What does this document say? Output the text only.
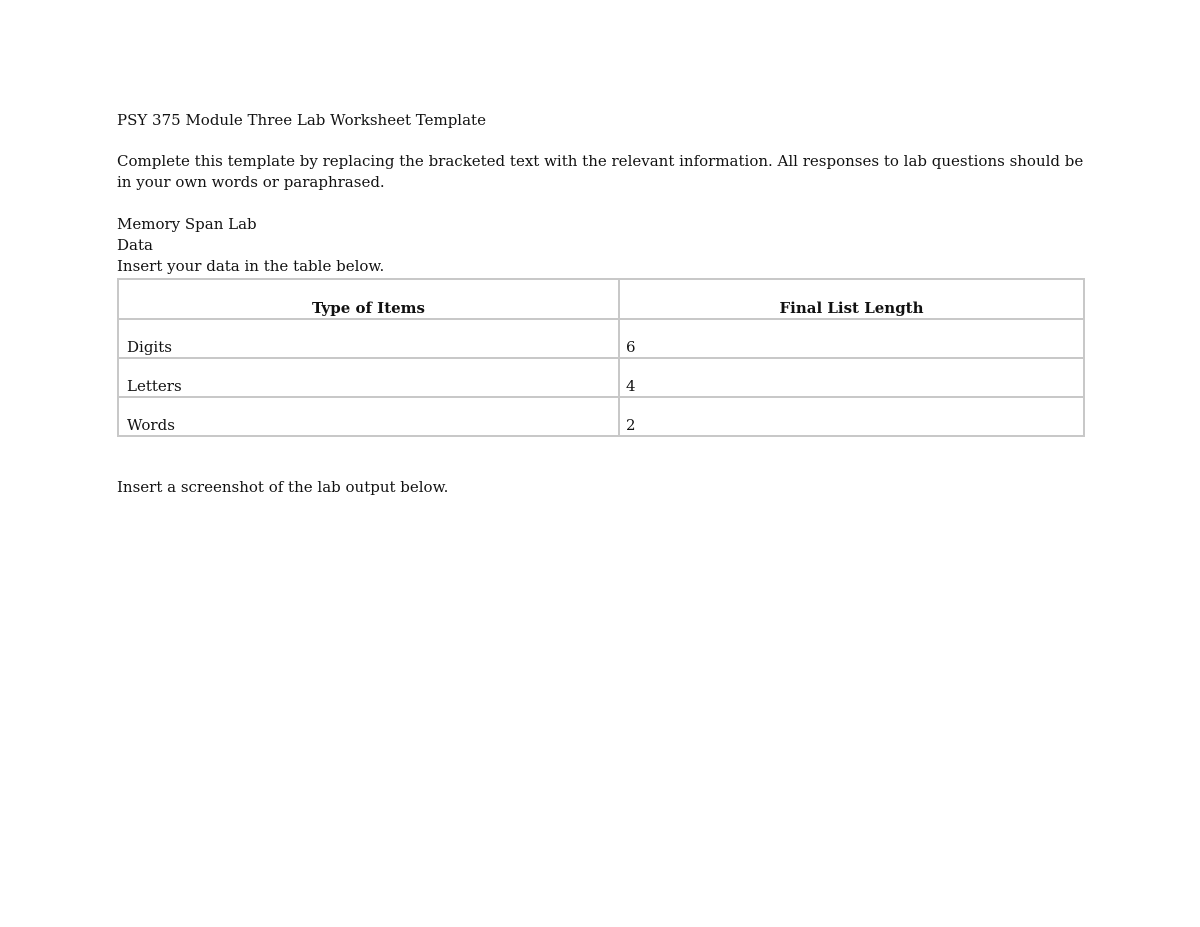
PSY 375 Module Three Lab Worksheet Template

Complete this template by replacing the bracketed text with the relevant information. All responses to lab questions should be in your own words or paraphrased.

Memory Span Lab

Data

Insert your data in the table below.

Type of Items	Final List Length
Digits	6
Letters	4
Words	2

Insert a screenshot of the lab output below.
